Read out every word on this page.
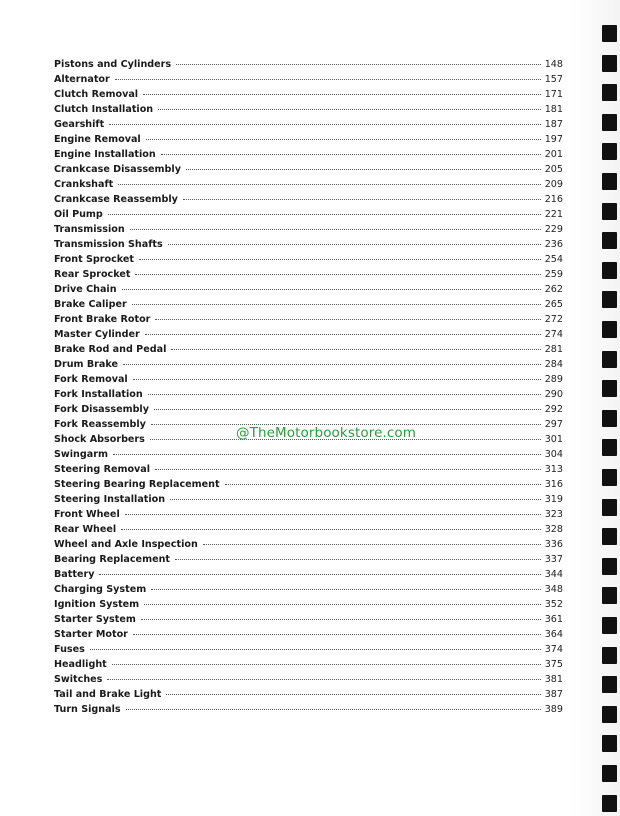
Pistons and Cylinders	148
Alternator	157
Clutch Removal	171
Clutch Installation	181
Gearshift	187
Engine Removal	197
Engine Installation	201
Crankcase Disassembly	205
Crankshaft	209
Crankcase Reassembly	216
Oil Pump	221
Transmission	229
Transmission Shafts	236
Front Sprocket	254
Rear Sprocket	259
Drive Chain	262
Brake Caliper	265
Front Brake Rotor	272
Master Cylinder	274
Brake Rod and Pedal	281
Drum Brake	284
Fork Removal	289
Fork Installation	290
Fork Disassembly	292
Fork Reassembly	297
Shock Absorbers	301
Swingarm	304
Steering Removal	313
Steering Bearing Replacement	316
Steering Installation	319
Front Wheel	323
Rear Wheel	328
Wheel and Axle Inspection	336
Bearing Replacement	337
Battery	344
Charging System	348
Ignition System	352
Starter System	361
Starter Motor	364
Fuses	374
Headlight	375
Switches	381
Tail and Brake Light	387
Turn Signals	389
@TheMotorbookstore.com
